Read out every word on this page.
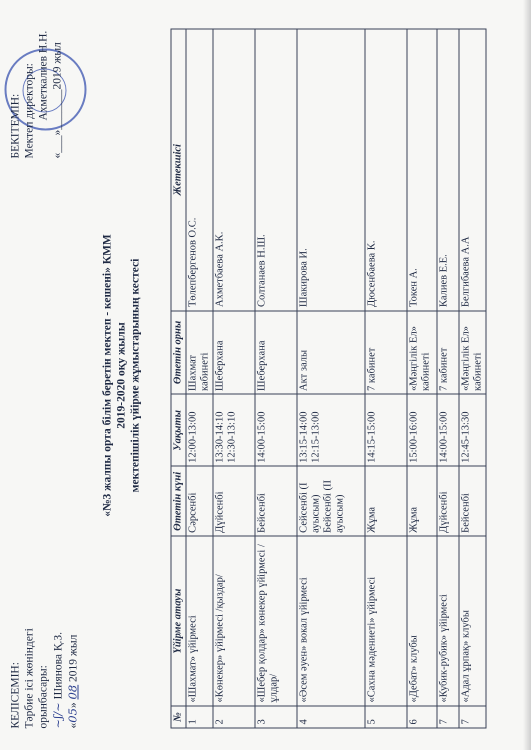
КЕЛІСЕМІН: Тәрбие ісі жөніндегі орынбасары: ~ʃ/~ Шиянова Қ.З.
«05» 08 2019 жыл
БЕКІТЕМІН: Мектеп директоры: Ахметкалиев Н.Н. «___»_______2019 жыл
«№3 жалпы орта білім беретін мектеп - кешені» КММ 2019-2020 оқу жылы мектепішілік үйірме жұмыстарының кестесі
№	Үйірме атауы	Өтетін күні	Уақыты	Өтетін орны	Жетекшісі
1	«Шахмат» үйірмесі	Сәрсенбі	12:00-13:00	Шахмат кабинеті	Төлепбергенов О.С.
2	«Көнекер» үйірмесі /қыздар/	Дүйсенбі	13:30-14:10 12:30-13:10	Шеберхана	Ахметбаева А.К.
3	«Шебер қолдар» көнекер үйірмесі /ұлдар/	Бейсенбі	14:00-15:00	Шеберхана	Солтанаев Н.Ш.
4	«Әсем әуен» вокал үйірмесі	Сейсенбі (І ауысым) Бейсенбі (ІІ ауысым)	13:15-14:00 12:15-13:00	Акт залы	Шакирова И.
5	«Сахна мәдениеті» үйірмесі	Жұма	14:15-15:00	7 кабинет	Дюсенбаева К.
6	«Дебат» клубы	Жұма	15:00-16:00	«Мәңгілік Ел» кабинеті	Токен А.
7	«Кубик-рубик» үйірмесі	Дүйсенбі	14:00-15:00	7 кабинет	Калиев Е.Е.
7	«Адал ұрпақ» клубы	Бейсенбі	12:45-13:30	«Мәңгілік Ел» кабинеті	Белгибаева А.А
